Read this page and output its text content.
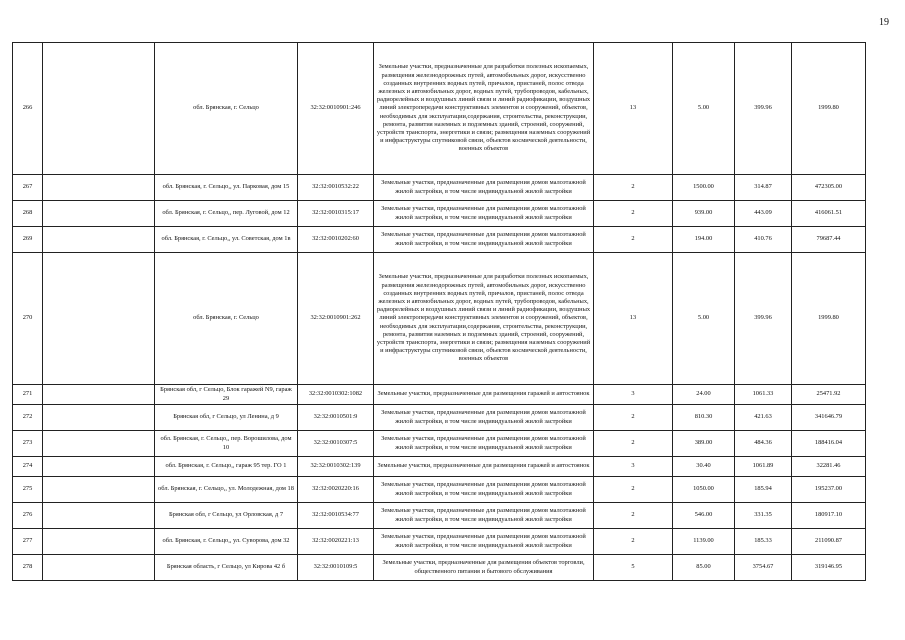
19
266		обл. Брянская, г. Сельцо	32:32:0010901:246	Земельные участки, предназначенные для разработки полезных ископаемых, размещения железнодорожных путей, автомобильных дорог, искусственно созданных внутренних водных путей, причалов, пристаней, полос отвода железных и автомобильных дорог, водных путей, трубопроводов, кабельных, радиорелейных и воздушных линий связи и линий радиофикации, воздушных линий электропередачи конструктивных элементов и сооружений, объектов, необходимых для эксплуатации,содержания, строительства, реконструкции, ремонта, развития наземных и подземных зданий, строений, сооружений, устройств транспорта, энергетики и связи; размещения наземных сооружений и инфраструктуры спутниковой связи, объектов космической деятельности, военных объектов	13	5.00	399.96	1999.80
267		обл. Брянская, г. Сельцо,, ул. Парковая, дом 15	32:32:0010532:22	Земельные участки, предназначенные для размещения домов малоэтажной жилой застройки, в том числе индивидуальной жилой застройки	2	1500.00	314.87	472305.00
268		обл. Брянская, г. Сельцо,, пер. Луговой, дом 12	32:32:0010315:17	Земельные участки, предназначенные для размещения домов малоэтажной жилой застройки, в том числе индивидуальной жилой застройки	2	939.00	443.09	416061.51
269		обл. Брянская, г. Сельцо,, ул. Советская, дом 1в	32:32:0010202:60	Земельные участки, предназначенные для размещения домов малоэтажной жилой застройки, в том числе индивидуальной жилой застройки	2	194.00	410.76	79687.44
270		обл. Брянская, г. Сельцо	32:32:0010901:262	Земельные участки, предназначенные для разработки полезных ископаемых, размещения железнодорожных путей, автомобильных дорог, искусственно созданных внутренних водных путей, причалов, пристаней, полос отвода железных и автомобильных дорог, водных путей, трубопроводов, кабельных, радиорелейных и воздушных линий связи и линий радиофикации, воздушных линий электропередачи конструктивных элементов и сооружений, объектов, необходимых для эксплуатации,содержания, строительства, реконструкции, ремонта, развития наземных и подземных зданий, строений, сооружений, устройств транспорта, энергетики и связи; размещения наземных сооружений и инфраструктуры спутниковой связи, объектов космической деятельности, военных объектов	13	5.00	399.96	1999.80
271		Брянская обл, г Сельцо, Блок гаражей N9, гараж 29	32:32:0010302:1082	Земельные участки, предназначенные для размещения гаражей и автостоянок	3	24.00	1061.33	25471.92
272		Брянская обл, г Сельцо, ул Ленина, д 9	32:32:0010501:9	Земельные участки, предназначенные для размещения домов малоэтажной жилой застройки, в том числе индивидуальной жилой застройки	2	810.30	421.63	341646.79
273		обл. Брянская, г. Сельцо,, пер. Ворошилова, дом 10	32:32:0010307:5	Земельные участки, предназначенные для размещения домов малоэтажной жилой застройки, в том числе индивидуальной жилой застройки	2	389.00	484.36	188416.04
274		обл. Брянская, г. Сельцо,, гараж 95 тер. ГО 1	32:32:0010302:139	Земельные участки, предназначенные для размещения гаражей и автостоянок	3	30.40	1061.89	32281.46
275		обл. Брянская, г. Сельцо,, ул. Молодежная, дом 18	32:32:0020220:16	Земельные участки, предназначенные для размещения домов малоэтажной жилой застройки, в том числе индивидуальной жилой застройки	2	1050.00	185.94	195237.00
276		Брянская обл, г Сельцо, ул Орловская, д 7	32:32:0010534:77	Земельные участки, предназначенные для размещения домов малоэтажной жилой застройки, в том числе индивидуальной жилой застройки	2	546.00	331.35	180917.10
277		обл. Брянская, г. Сельцо,, ул. Суворова, дом 32	32:32:0020221:13	Земельные участки, предназначенные для размещения домов малоэтажной жилой застройки, в том числе индивидуальной жилой застройки	2	1139.00	185.33	211090.87
278		Брянская область, г Сельцо, ул Кирова 42 б	32:32:0010109:5	Земельные участки, предназначенные для размещения объектов торговли, общественного питания и бытового обслуживания	5	85.00	3754.67	319146.95
